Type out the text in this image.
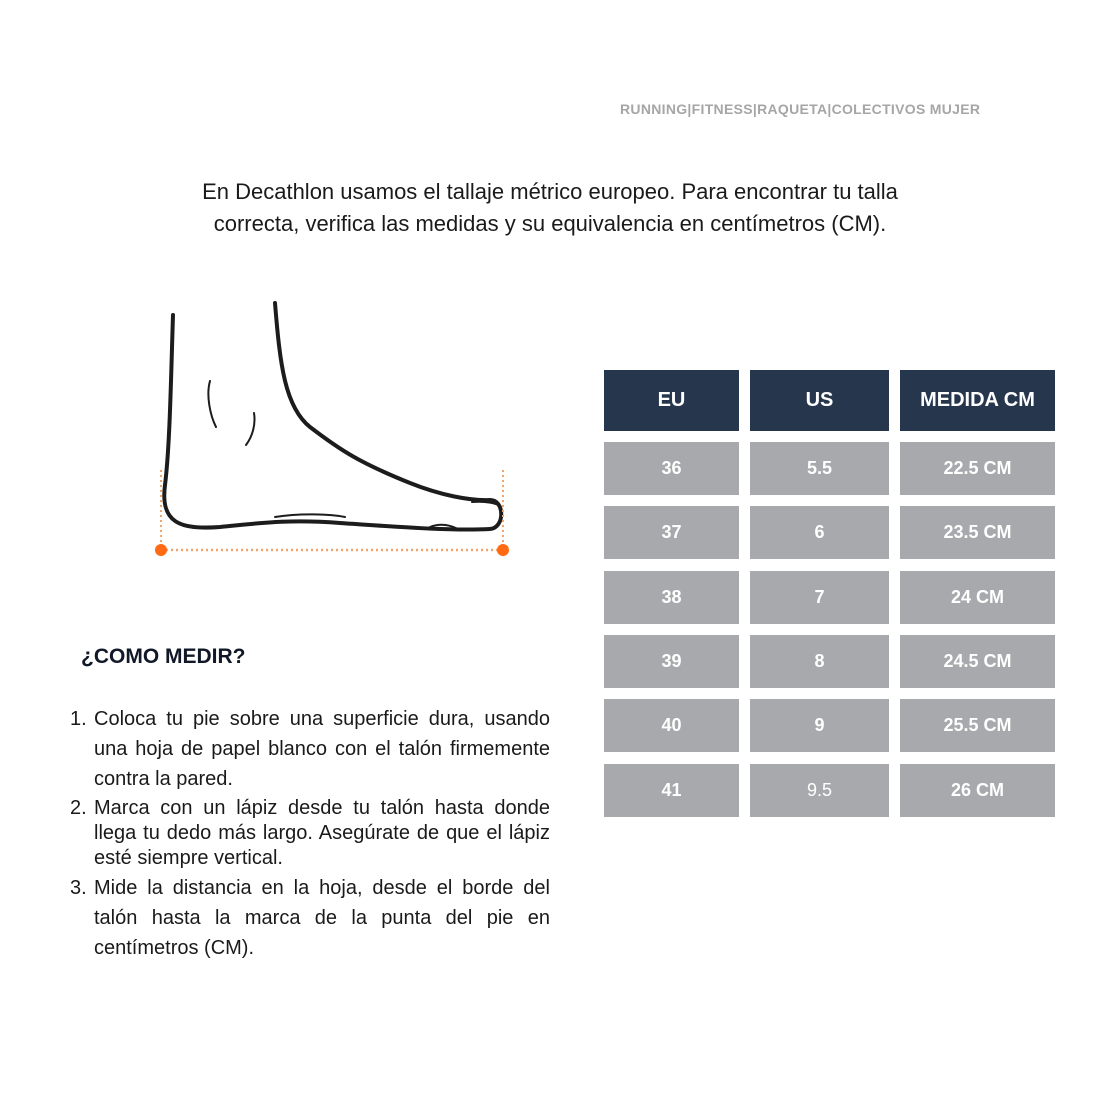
RUNNING|FITNESS|RAQUETA|COLECTIVOS MUJER
En Decathlon usamos el tallaje métrico europeo. Para encontrar tu talla
correcta, verifica las medidas y su equivalencia en centímetros (CM).
¿COMO MEDIR?
1. Coloca tu pie sobre una superficie dura, usando una hoja de papel blanco con el talón firmemente contra la pared.
2. Marca con un lápiz desde tu talón hasta donde llega tu dedo más largo. Asegúrate de que el lápiz esté siempre vertical.
3. Mide la distancia en la hoja, desde el borde del talón hasta la marca de la punta del pie en centímetros (CM).
EU	US	MEDIDA CM
36	5.5	22.5 CM
37	6	23.5 CM
38	7	24 CM
39	8	24.5 CM
40	9	25.5 CM
41	9.5	26 CM
